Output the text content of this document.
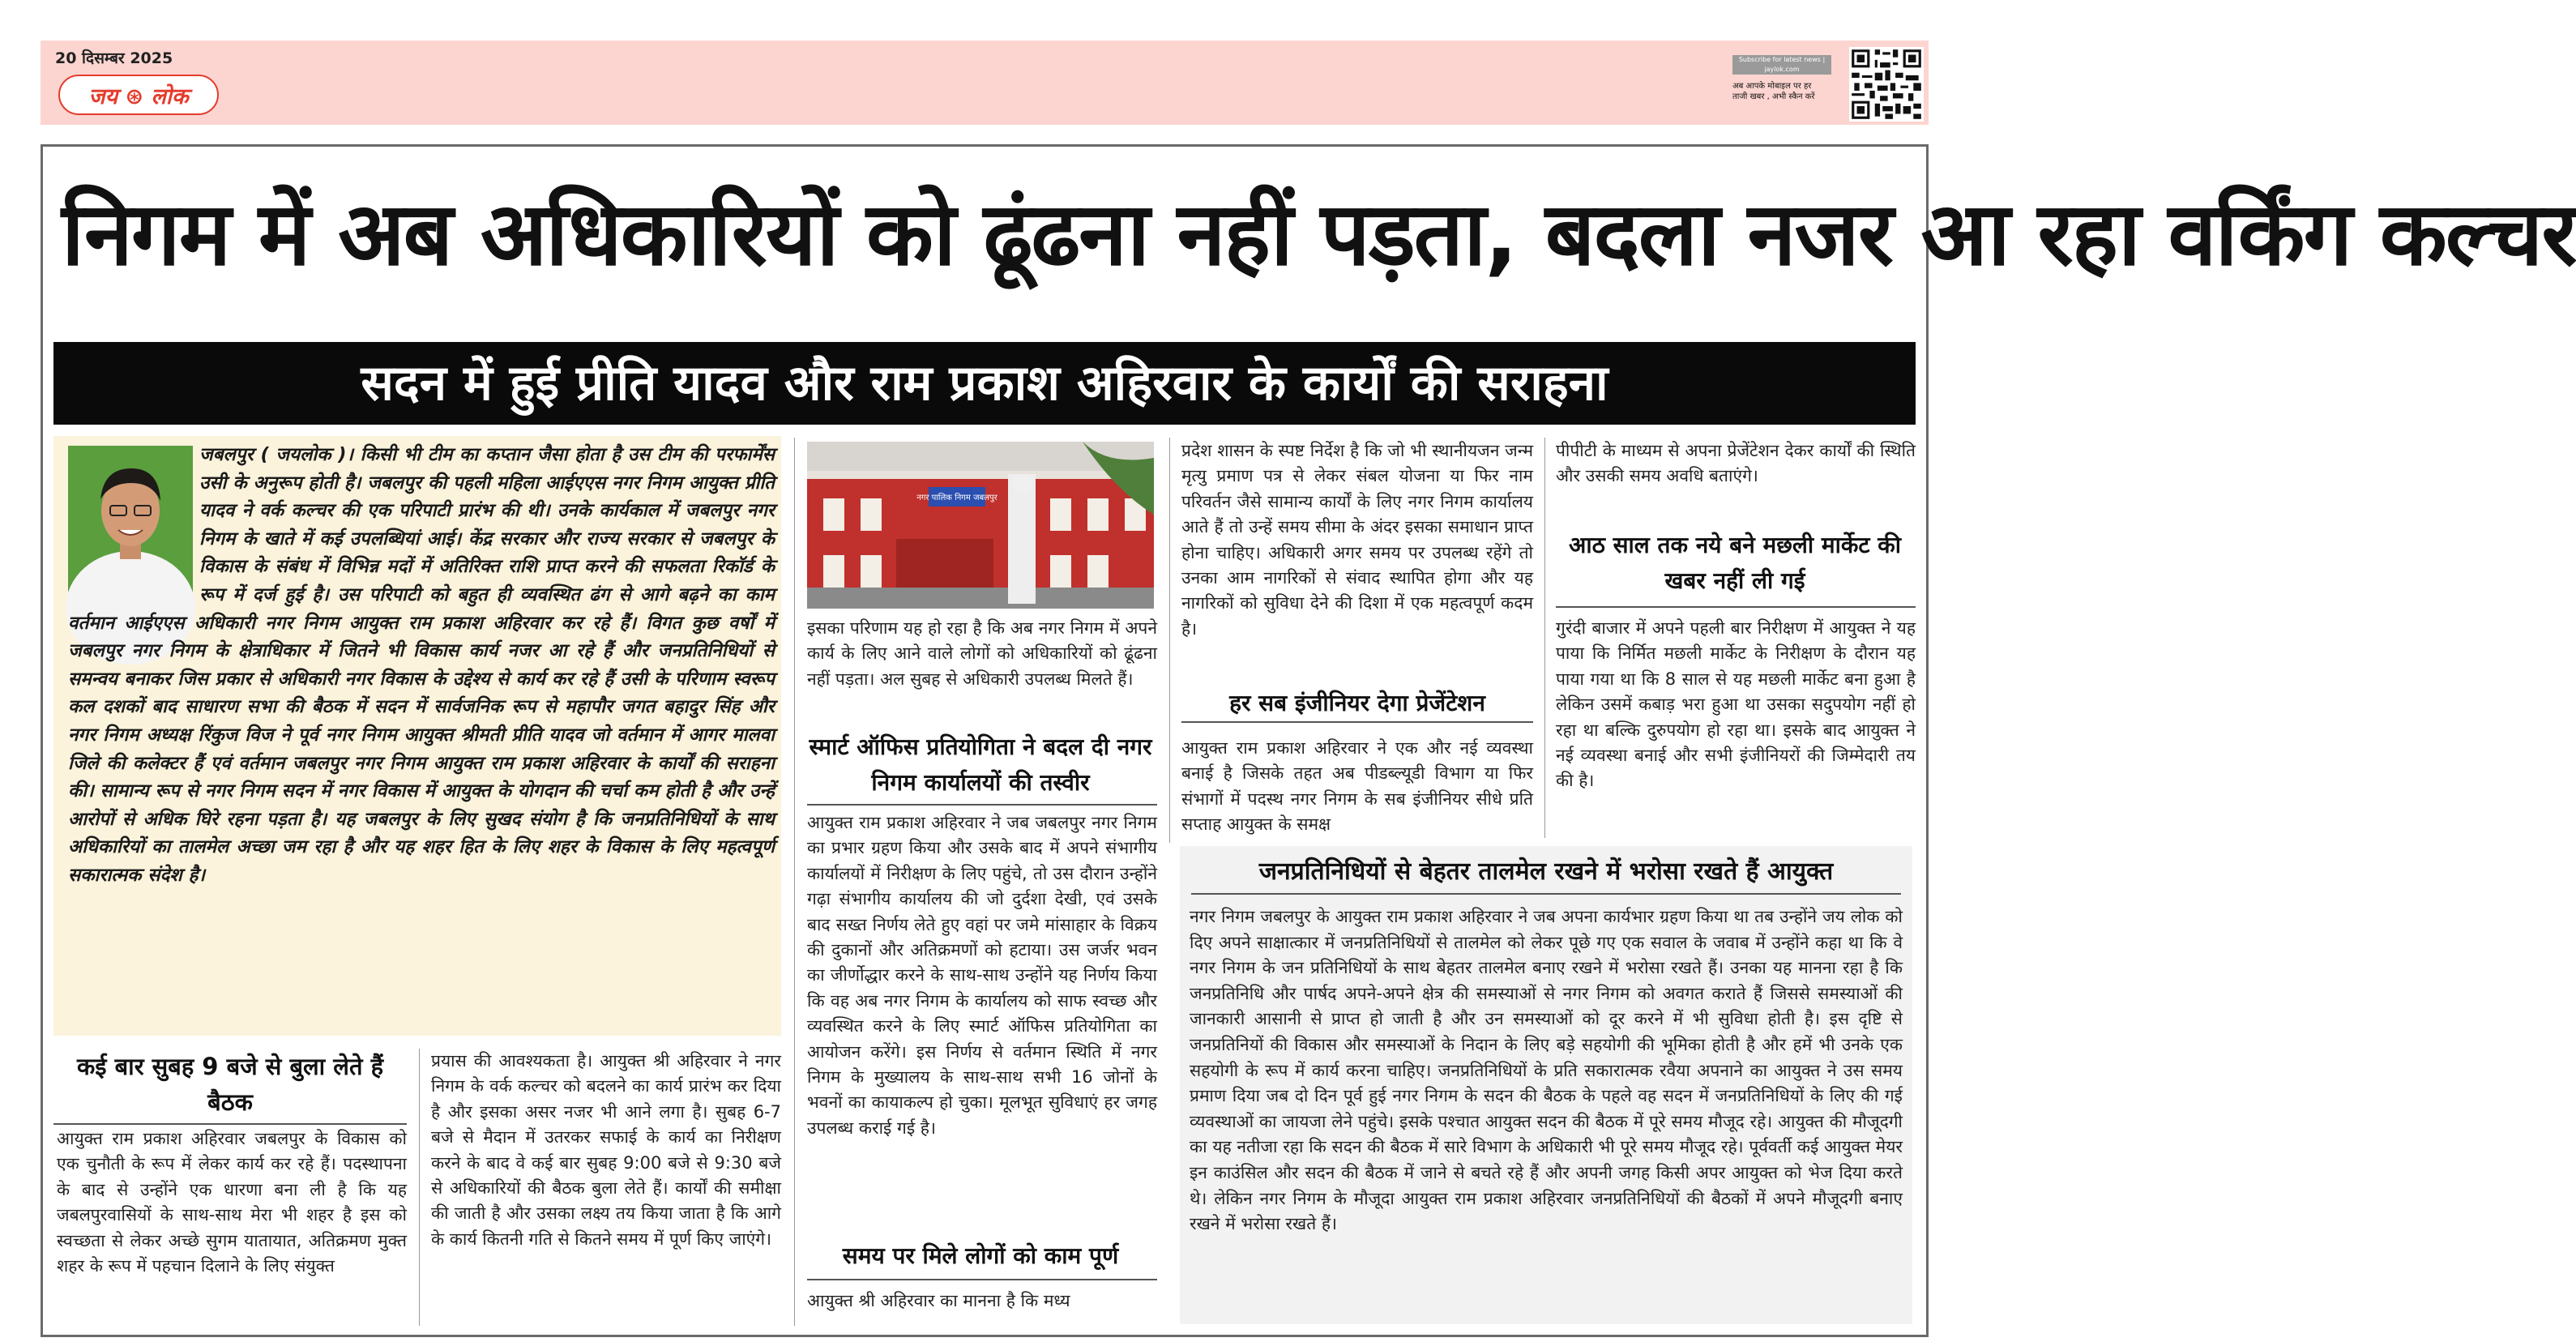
20 दिसम्बर 2025
जय ⊛ लोक
Subscribe for latest news | jaylok.com
अब आपके मोबाइल पर हर
ताजी खबर , अभी स्कैन करें
निगम में अब अधिकारियों को ढूंढना नहीं पड़ता, बदला नजर आ रहा वर्किंग कल्चर
सदन में हुई प्रीति यादव और राम प्रकाश अहिरवार के कार्यों की सराहना
जबलपुर ( जयलोक )। किसी भी टीम का कप्तान जैसा होता है उस टीम की परफार्मेंस उसी के अनुरूप होती है। जबलपुर की पहली महिला आईएएस नगर निगम आयुक्त प्रीति यादव ने वर्क कल्चर की एक परिपाटी प्रारंभ की थी। उनके कार्यकाल में जबलपुर नगर निगम के खाते में कई उपलब्धियां आई। केंद्र सरकार और राज्य सरकार से जबलपुर के विकास के संबंध में विभिन्न मदों में अतिरिक्त राशि प्राप्त करने की सफलता रिकॉर्ड के रूप में दर्ज हुई है। उस परिपाटी को बहुत ही व्यवस्थित ढंग से आगे बढ़ने का काम वर्तमान आईएएस अधिकारी नगर निगम आयुक्त राम प्रकाश अहिरवार कर रहे हैं। विगत कुछ वर्षों में जबलपुर नगर निगम के क्षेत्राधिकार में जितने भी विकास कार्य नजर आ रहे हैं और जनप्रतिनिधियों से समन्वय बनाकर जिस प्रकार से अधिकारी नगर विकास के उद्देश्य से कार्य कर रहे हैं उसी के परिणाम स्वरूप कल दशकों बाद साधारण सभा की बैठक में सदन में सार्वजनिक रूप से महापौर जगत बहादुर सिंह और नगर निगम अध्यक्ष रिंकुज विज ने पूर्व नगर निगम आयुक्त श्रीमती प्रीति यादव जो वर्तमान में आगर मालवा जिले की कलेक्टर हैं एवं वर्तमान जबलपुर नगर निगम आयुक्त राम प्रकाश अहिरवार के कार्यों की सराहना की। सामान्य रूप से नगर निगम सदन में नगर विकास में आयुक्त के योगदान की चर्चा कम होती है और उन्हें आरोपों से अधिक घिरे रहना पड़ता है। यह जबलपुर के लिए सुखद संयोग है कि जनप्रतिनिधियों के साथ अधिकारियों का तालमेल अच्छा जम रहा है और यह शहर हित के लिए शहर के विकास के लिए महत्वपूर्ण सकारात्मक संदेश है।
कई बार सुबह 9 बजे से बुला लेते हैं बैठक
आयुक्त राम प्रकाश अहिरवार जबलपुर के विकास को एक चुनौती के रूप में लेकर कार्य कर रहे हैं। पदस्थापना के बाद से उन्होंने एक धारणा बना ली है कि यह जबलपुरवासियों के साथ-साथ मेरा भी शहर है इस को स्वच्छता से लेकर अच्छे सुगम यातायात, अतिक्रमण मुक्त शहर के रूप में पहचान दिलाने के लिए संयुक्त
प्रयास की आवश्यकता है। आयुक्त श्री अहिरवार ने नगर निगम के वर्क कल्चर को बदलने का कार्य प्रारंभ कर दिया है और इसका असर नजर भी आने लगा है। सुबह 6-7 बजे से मैदान में उतरकर सफाई के कार्य का निरीक्षण करने के बाद वे कई बार सुबह 9:00 बजे से 9:30 बजे से अधिकारियों की बैठक बुला लेते हैं। कार्यों की समीक्षा की जाती है और उसका लक्ष्य तय किया जाता है कि आगे के कार्य कितनी गति से कितने समय में पूर्ण किए जाएंगे।
नगर पालिक निगम जबलपुर
इसका परिणाम यह हो रहा है कि अब नगर निगम में अपने कार्य के लिए आने वाले लोगों को अधिकारियों को ढूंढना नहीं पड़ता। अल सुबह से अधिकारी उपलब्ध मिलते हैं।
स्मार्ट ऑफिस प्रतियोगिता ने बदल दी नगर निगम कार्यालयों की तस्वीर
आयुक्त राम प्रकाश अहिरवार ने जब जबलपुर नगर निगम का प्रभार ग्रहण किया और उसके बाद में अपने संभागीय कार्यालयों में निरीक्षण के लिए पहुंचे, तो उस दौरान उन्होंने गढ़ा संभागीय कार्यालय की जो दुर्दशा देखी, एवं उसके बाद सख्त निर्णय लेते हुए वहां पर जमे मांसाहार के विक्रय की दुकानों और अतिक्रमणों को हटाया। उस जर्जर भवन का जीर्णोद्धार करने के साथ-साथ उन्होंने यह निर्णय किया कि वह अब नगर निगम के कार्यालय को साफ स्वच्छ और व्यवस्थित करने के लिए स्मार्ट ऑफिस प्रतियोगिता का आयोजन करेंगे। इस निर्णय से वर्तमान स्थिति में नगर निगम के मुख्यालय के साथ-साथ सभी 16 जोनों के भवनों का कायाकल्प हो चुका। मूलभूत सुविधाएं हर जगह उपलब्ध कराई गई है।
समय पर मिले लोगों को काम पूर्ण
आयुक्त श्री अहिरवार का मानना है कि मध्य
प्रदेश शासन के स्पष्ट निर्देश है कि जो भी स्थानीयजन जन्म मृत्यु प्रमाण पत्र से लेकर संबल योजना या फिर नाम परिवर्तन जैसे सामान्य कार्यों के लिए नगर निगम कार्यालय आते हैं तो उन्हें समय सीमा के अंदर इसका समाधान प्राप्त होना चाहिए। अधिकारी अगर समय पर उपलब्ध रहेंगे तो उनका आम नागरिकों से संवाद स्थापित होगा और यह नागरिकों को सुविधा देने की दिशा में एक महत्वपूर्ण कदम है।
हर सब इंजीनियर देगा प्रेजेंटेशन
आयुक्त राम प्रकाश अहिरवार ने एक और नई व्यवस्था बनाई है जिसके तहत अब पीडब्ल्यूडी विभाग या फिर संभागों में पदस्थ नगर निगम के सब इंजीनियर सीधे प्रति सप्ताह आयुक्त के समक्ष
पीपीटी के माध्यम से अपना प्रेजेंटेशन देकर कार्यों की स्थिति और उसकी समय अवधि बताएंगे।
आठ साल तक नये बने मछली मार्केट की खबर नहीं ली गई
गुरंदी बाजार में अपने पहली बार निरीक्षण में आयुक्त ने यह पाया कि निर्मित मछली मार्केट के निरीक्षण के दौरान यह पाया गया था कि 8 साल से यह मछली मार्केट बना हुआ है लेकिन उसमें कबाड़ भरा हुआ था उसका सदुपयोग नहीं हो रहा था बल्कि दुरुपयोग हो रहा था। इसके बाद आयुक्त ने नई व्यवस्था बनाई और सभी इंजीनियरों की जिम्मेदारी तय की है।
जनप्रतिनिधियों से बेहतर तालमेल रखने में भरोसा रखते हैं आयुक्त
नगर निगम जबलपुर के आयुक्त राम प्रकाश अहिरवार ने जब अपना कार्यभार ग्रहण किया था तब उन्होंने जय लोक को दिए अपने साक्षात्कार में जनप्रतिनिधियों से तालमेल को लेकर पूछे गए एक सवाल के जवाब में उन्होंने कहा था कि वे नगर निगम के जन प्रतिनिधियों के साथ बेहतर तालमेल बनाए रखने में भरोसा रखते हैं। उनका यह मानना रहा है कि जनप्रतिनिधि और पार्षद अपने-अपने क्षेत्र की समस्याओं से नगर निगम को अवगत कराते हैं जिससे समस्याओं की जानकारी आसानी से प्राप्त हो जाती है और उन समस्याओं को दूर करने में भी सुविधा होती है। इस दृष्टि से जनप्रतिनियों की विकास और समस्याओं के निदान के लिए बड़े सहयोगी की भूमिका होती है और हमें भी उनके एक सहयोगी के रूप में कार्य करना चाहिए। जनप्रतिनिधियों के प्रति सकारात्मक रवैया अपनाने का आयुक्त ने उस समय प्रमाण दिया जब दो दिन पूर्व हुई नगर निगम के सदन की बैठक के पहले वह सदन में जनप्रतिनिधियों के लिए की गई व्यवस्थाओं का जायजा लेने पहुंचे। इसके पश्चात आयुक्त सदन की बैठक में पूरे समय मौजूद रहे। आयुक्त की मौजूदगी का यह नतीजा रहा कि सदन की बैठक में सारे विभाग के अधिकारी भी पूरे समय मौजूद रहे। पूर्ववर्ती कई आयुक्त मेयर इन काउंसिल और सदन की बैठक में जाने से बचते रहे हैं और अपनी जगह किसी अपर आयुक्त को भेज दिया करते थे। लेकिन नगर निगम के मौजूदा आयुक्त राम प्रकाश अहिरवार जनप्रतिनिधियों की बैठकों में अपने मौजूदगी बनाए रखने में भरोसा रखते हैं।
